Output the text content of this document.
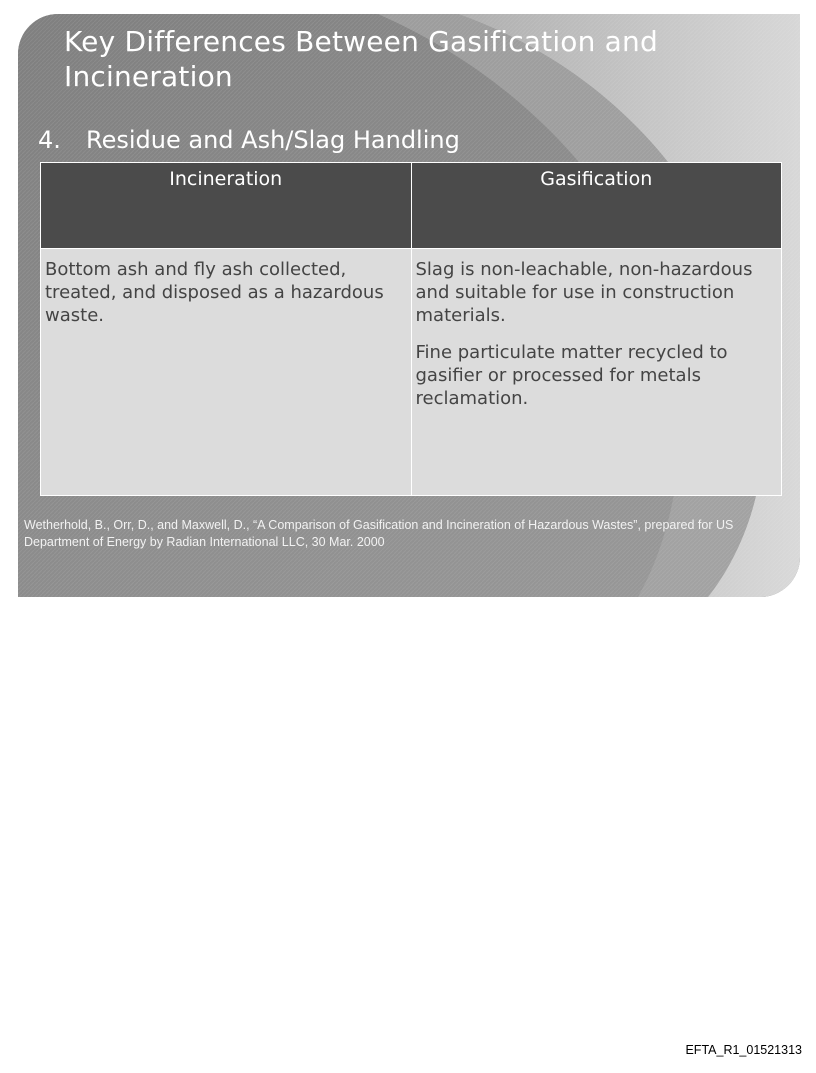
Key Differences Between Gasification and Incineration
4. Residue and Ash/Slag Handling
Incineration	Gasification

Bottom ash and fly ash collected, treated, and disposed as a hazardous waste.	Slag is non-leachable, non-hazardous and suitable for use in construction materials.

Fine particulate matter recycled to gasifier or processed for metals reclamation.

Wetherhold, B., Orr, D., and Maxwell, D., “A Comparison of Gasification and Incineration of Hazardous Wastes”, prepared for US Department of Energy by Radian International LLC, 30 Mar. 2000

EFTA_R1_01521313
